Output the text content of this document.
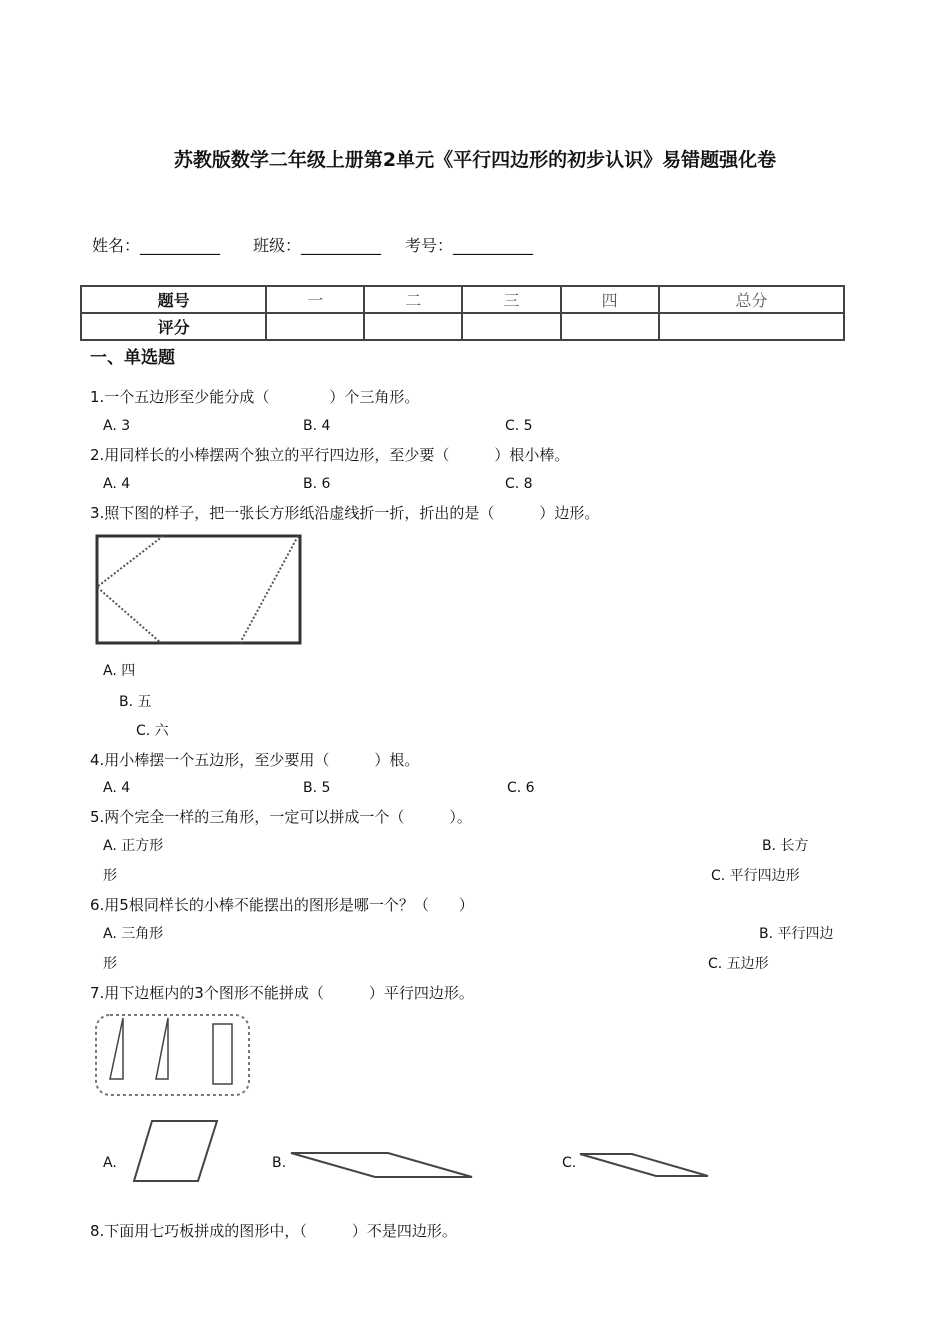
苏教版数学二年级上册第2单元《平行四边形的初步认识》易错题强化卷
姓名：__________ 班级：__________ 考号：__________
题号	一	二	三	四	总分
评分					
一、单选题
1.一个五边形至少能分成（　　　　）个三角形。
A. 3	B. 4	C. 5
2.用同样长的小棒摆两个独立的平行四边形，至少要（　　　）根小棒。
A. 4	B. 6	C. 8
3.照下图的样子，把一张长方形纸沿虚线折一折，折出的是（　　　）边形。
A. 四
B. 五
C. 六
4.用小棒摆一个五边形，至少要用（　　　）根。
A. 4	B. 5	C. 6
5.两个完全一样的三角形，一定可以拼成一个（　　　）。
A. 正方形	B. 长方
形	C. 平行四边形
6.用5根同样长的小棒不能摆出的图形是哪一个？（　　）
A. 三角形	B. 平行四边
形	C. 五边形
7.用下边框内的3个图形不能拼成（　　　）平行四边形。
A.	B.	C.
8.下面用七巧板拼成的图形中，（　　　）不是四边形。
